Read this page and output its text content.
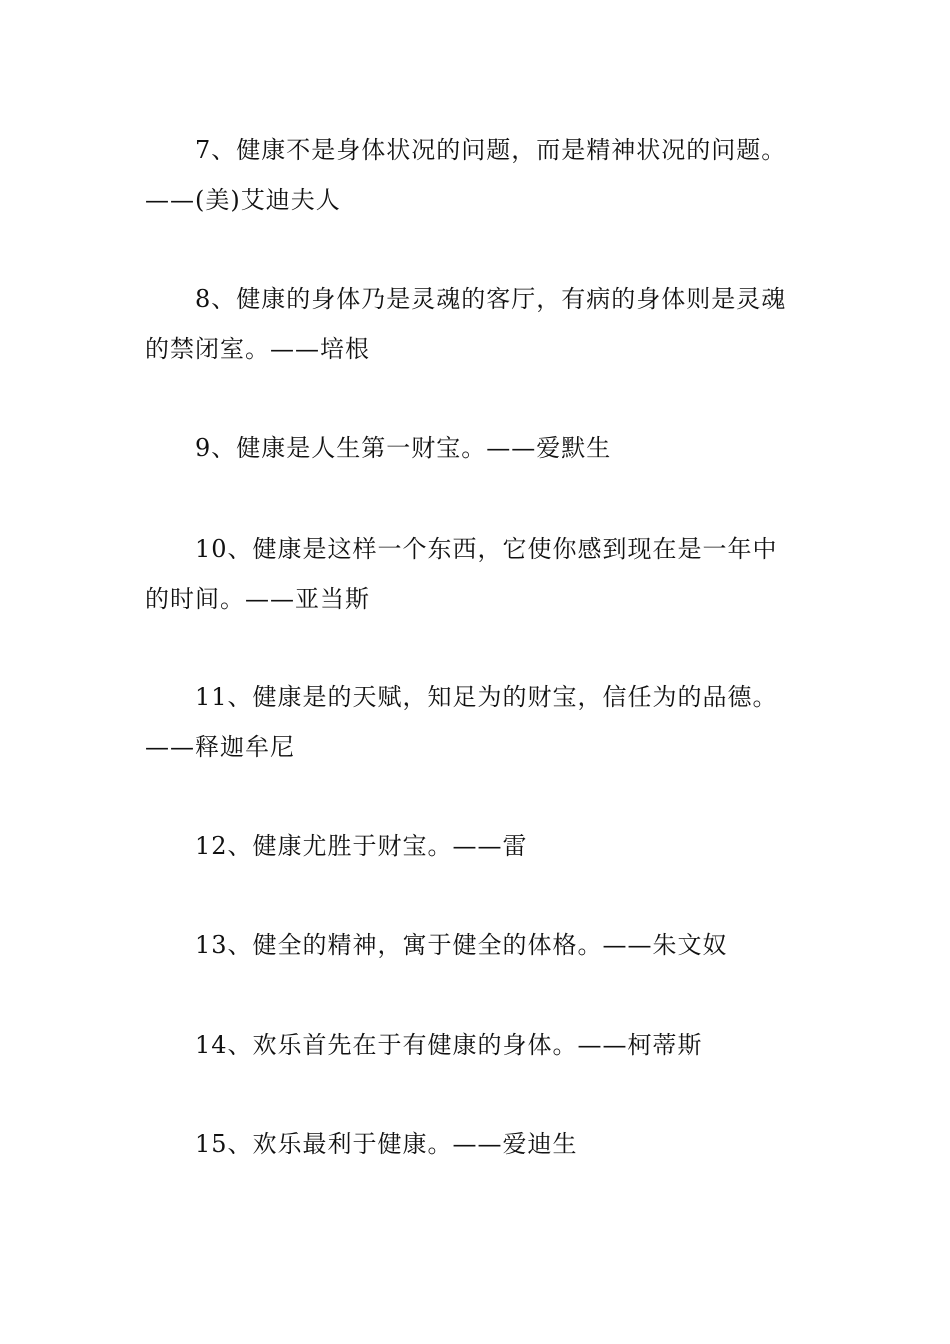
7、健康不是身体状况的问题，而是精神状况的问题。
——(美)艾迪夫人

8、健康的身体乃是灵魂的客厅，有病的身体则是灵魂
的禁闭室。——培根

9、健康是人生第一财宝。——爱默生

10、健康是这样一个东西，它使你感到现在是一年中
的时间。——亚当斯

11、健康是的天赋，知足为的财宝，信任为的品德。
——释迦牟尼

12、健康尤胜于财宝。——雷

13、健全的精神，寓于健全的体格。——朱文奴

14、欢乐首先在于有健康的身体。——柯蒂斯

15、欢乐最利于健康。——爱迪生
